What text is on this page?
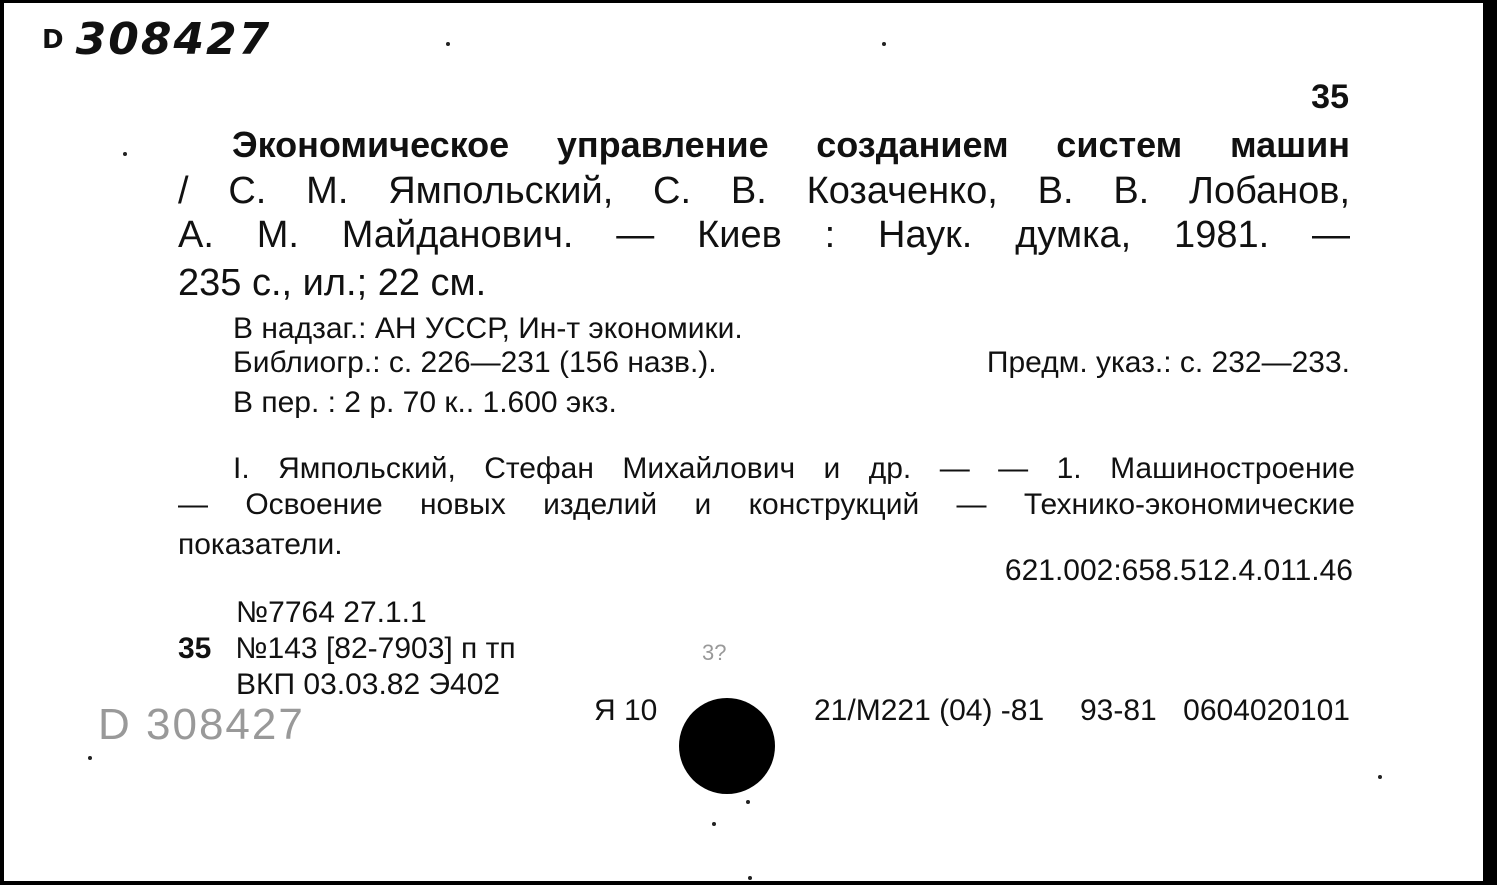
D 308427
35
Экономическое управление созданием систем машин
/ С. М. Ямпольский, С. В. Козаченко, В. В. Лобанов,
А. М. Майданович. — Киев : Наук. думка, 1981. —
235 с., ил.; 22 см.
В надзаг.: АН УССР, Ин-т экономики.
Библиогр.: с. 226—231 (156 назв.).	Предм. указ.: с. 232—233.
В пер. : 2 р. 70 к.. 1.600 экз.
I. Ямпольский, Стефан Михайлович и др. — — 1. Машиностроение
— Освоение новых изделий и конструкций — Технико-экономические
показатели.
621.002:658.512.4.011.46
№7764 27.1.1
35 №143 [82-7903] п тп
ВКП 03.03.82 Э402
Я 10	21/М221 (04) -81 93-81 0604020101
D 308427
3?
